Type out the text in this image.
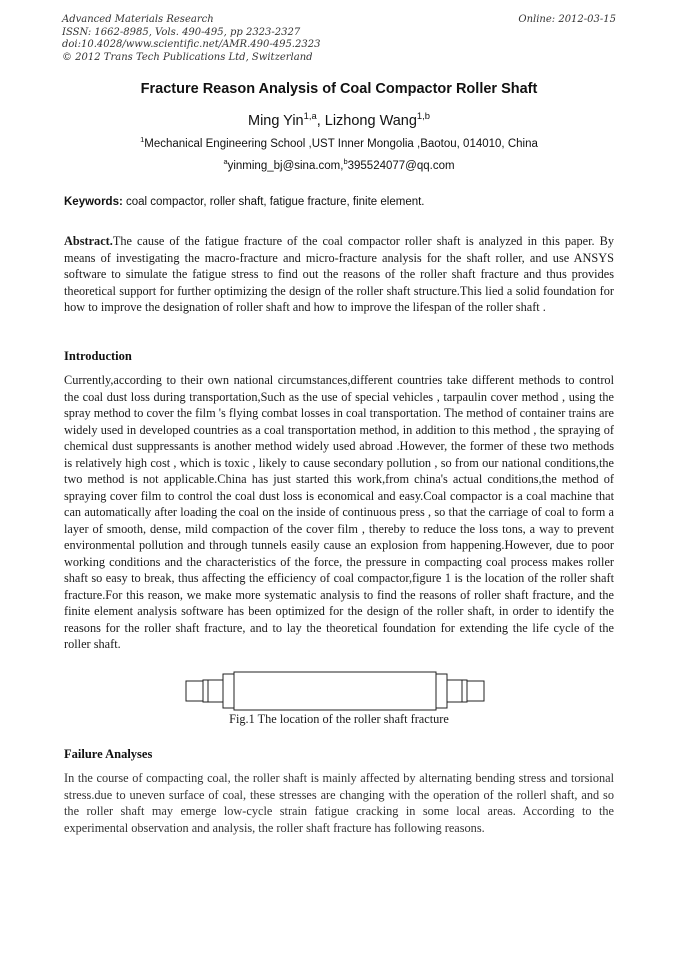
Advanced Materials Research
ISSN: 1662-8985, Vols. 490-495, pp 2323-2327
doi:10.4028/www.scientific.net/AMR.490-495.2323
© 2012 Trans Tech Publications Ltd, Switzerland
Online: 2012-03-15
Fracture Reason Analysis of Coal Compactor Roller Shaft
Ming Yin$^{1,a}$, Lizhong Wang$^{1,b}$
$^1$Mechanical Engineering School ,UST Inner Mongolia ,Baotou, 014010, China
$^a$yinming_bj@sina.com,$^b$395524077@qq.com
Keywords: coal compactor, roller shaft, fatigue fracture, finite element.
Abstract.The cause of the fatigue fracture of the coal compactor roller shaft is analyzed in this paper. By means of investigating the macro-fracture and micro-fracture analysis for the shaft roller, and use ANSYS software to simulate the fatigue stress to find out the reasons of the roller shaft fracture and thus provides theoretical support for further optimizing the design of the roller shaft structure.This lied a solid foundation for how to improve the designation of roller shaft and how to improve the lifespan of the roller shaft .
Introduction
Currently,according to their own national circumstances,different countries take different methods to control the coal dust loss during transportation,Such as the use of special vehicles , tarpaulin cover method , using the spray method to cover the film 's flying combat losses in coal transportation. The method of container trains are widely used in developed countries as a coal transportation method, in addition to this method , the spraying of chemical dust suppressants is another method widely used abroad .However, the former of these two methods is relatively high cost , which is toxic , likely to cause secondary pollution , so from our national conditions,the two method is not applicable.China has just started this work,from china's actual conditions,the method of spraying cover film to control the coal dust loss is economical and easy.Coal compactor is a coal machine that can automatically after loading the coal on the inside of continuous press , so that the carriage of coal to form a layer of smooth, dense, mild compaction of the cover film , thereby to reduce the loss tons, a way to prevent environmental pollution and through tunnels easily cause an explosion from happening.However, due to poor working conditions and the characteristics of the force, the pressure in compacting coal process makes roller shaft so easy to break, thus affecting the efficiency of coal compactor,figure 1 is the location of the roller shaft fracture.For this reason, we make more systematic analysis to find the reasons of roller shaft fracture, and the finite element analysis software has been optimized for the design of the roller shaft, in order to identify the reasons for the roller shaft fracture, and to lay the theoretical foundation for extending the life cycle of the roller shaft.
Fig.1 The location of the roller shaft fracture
Failure Analyses
In the course of compacting coal, the roller shaft is mainly affected by alternating bending stress and torsional stress.due to uneven surface of coal, these stresses are changing with the operation of the rollerl shaft, and so the roller shaft may emerge low-cycle strain fatigue cracking in some local areas. According to the experimental observation and analysis, the roller shaft fracture has following reasons.
